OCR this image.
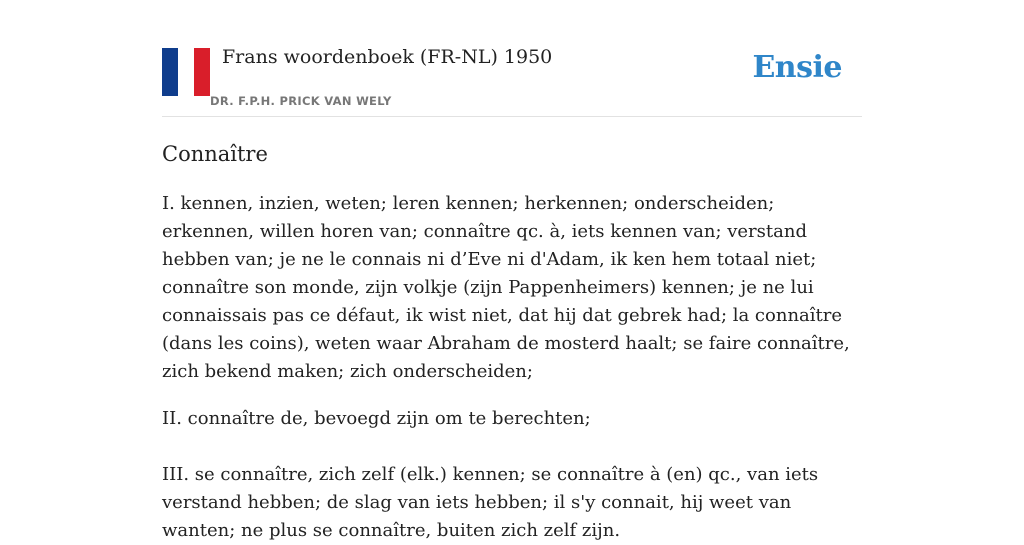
Frans woordenboek (FR-NL) 1950
DR. F.P.H. PRICK VAN WELY
Ensie
Connaître

I. kennen, inzien, weten; leren kennen; herkennen; onderscheiden; erkennen, willen horen van; connaître qc. à, iets kennen van; verstand hebben van; je ne le connais ni d’Eve ni d'Adam, ik ken hem totaal niet; connaître son monde, zijn volkje (zijn Pappenheimers) kennen; je ne lui connaissais pas ce défaut, ik wist niet, dat hij dat gebrek had; la connaître (dans les coins), weten waar Abraham de mosterd haalt; se faire connaître, zich bekend maken; zich onderscheiden;

II. connaître de, bevoegd zijn om te berechten;

III. se connaître, zich zelf (elk.) kennen; se connaître à (en) qc., van iets verstand hebben; de slag van iets hebben; il s'y connait, hij weet van wanten; ne plus se connaître, buiten zich zelf zijn.
